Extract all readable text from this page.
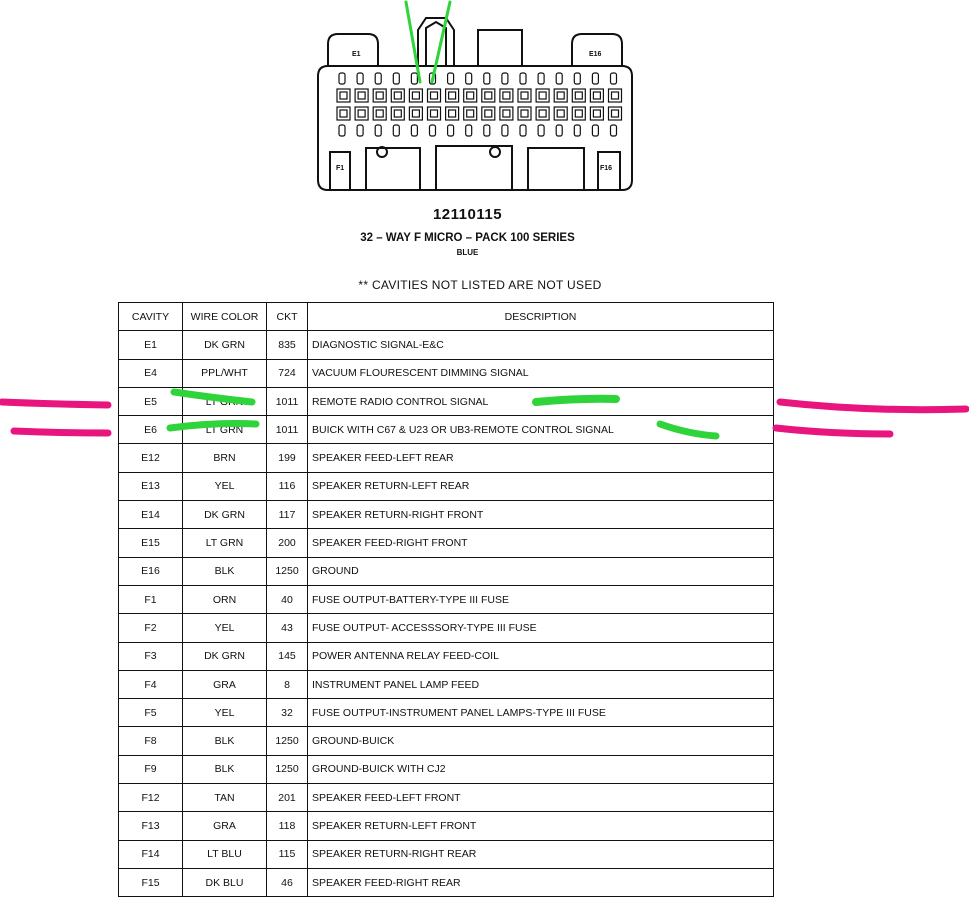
E1	E16
F1	F16
12110115
32 – WAY F MICRO – PACK 100 SERIES
BLUE
** CAVITIES NOT LISTED ARE NOT USED
CAVITY	WIRE COLOR	CKT	DESCRIPTION
E1	DK GRN	835	DIAGNOSTIC SIGNAL-E&C
E4	PPL/WHT	724	VACUUM FLOURESCENT DIMMING SIGNAL
E5	LT GRN	1011	REMOTE RADIO CONTROL SIGNAL
E6	LT GRN	1011	BUICK WITH C67 & U23 OR UB3-REMOTE CONTROL SIGNAL
E12	BRN	199	SPEAKER FEED-LEFT REAR
E13	YEL	116	SPEAKER RETURN-LEFT REAR
E14	DK GRN	117	SPEAKER RETURN-RIGHT FRONT
E15	LT GRN	200	SPEAKER FEED-RIGHT FRONT
E16	BLK	1250	GROUND
F1	ORN	40	FUSE OUTPUT-BATTERY-TYPE III FUSE
F2	YEL	43	FUSE OUTPUT- ACCESSSORY-TYPE III FUSE
F3	DK GRN	145	POWER ANTENNA RELAY FEED-COIL
F4	GRA	8	INSTRUMENT PANEL LAMP FEED
F5	YEL	32	FUSE OUTPUT-INSTRUMENT PANEL LAMPS-TYPE III FUSE
F8	BLK	1250	GROUND-BUICK
F9	BLK	1250	GROUND-BUICK WITH CJ2
F12	TAN	201	SPEAKER FEED-LEFT FRONT
F13	GRA	118	SPEAKER RETURN-LEFT FRONT
F14	LT BLU	115	SPEAKER RETURN-RIGHT REAR
F15	DK BLU	46	SPEAKER FEED-RIGHT REAR
